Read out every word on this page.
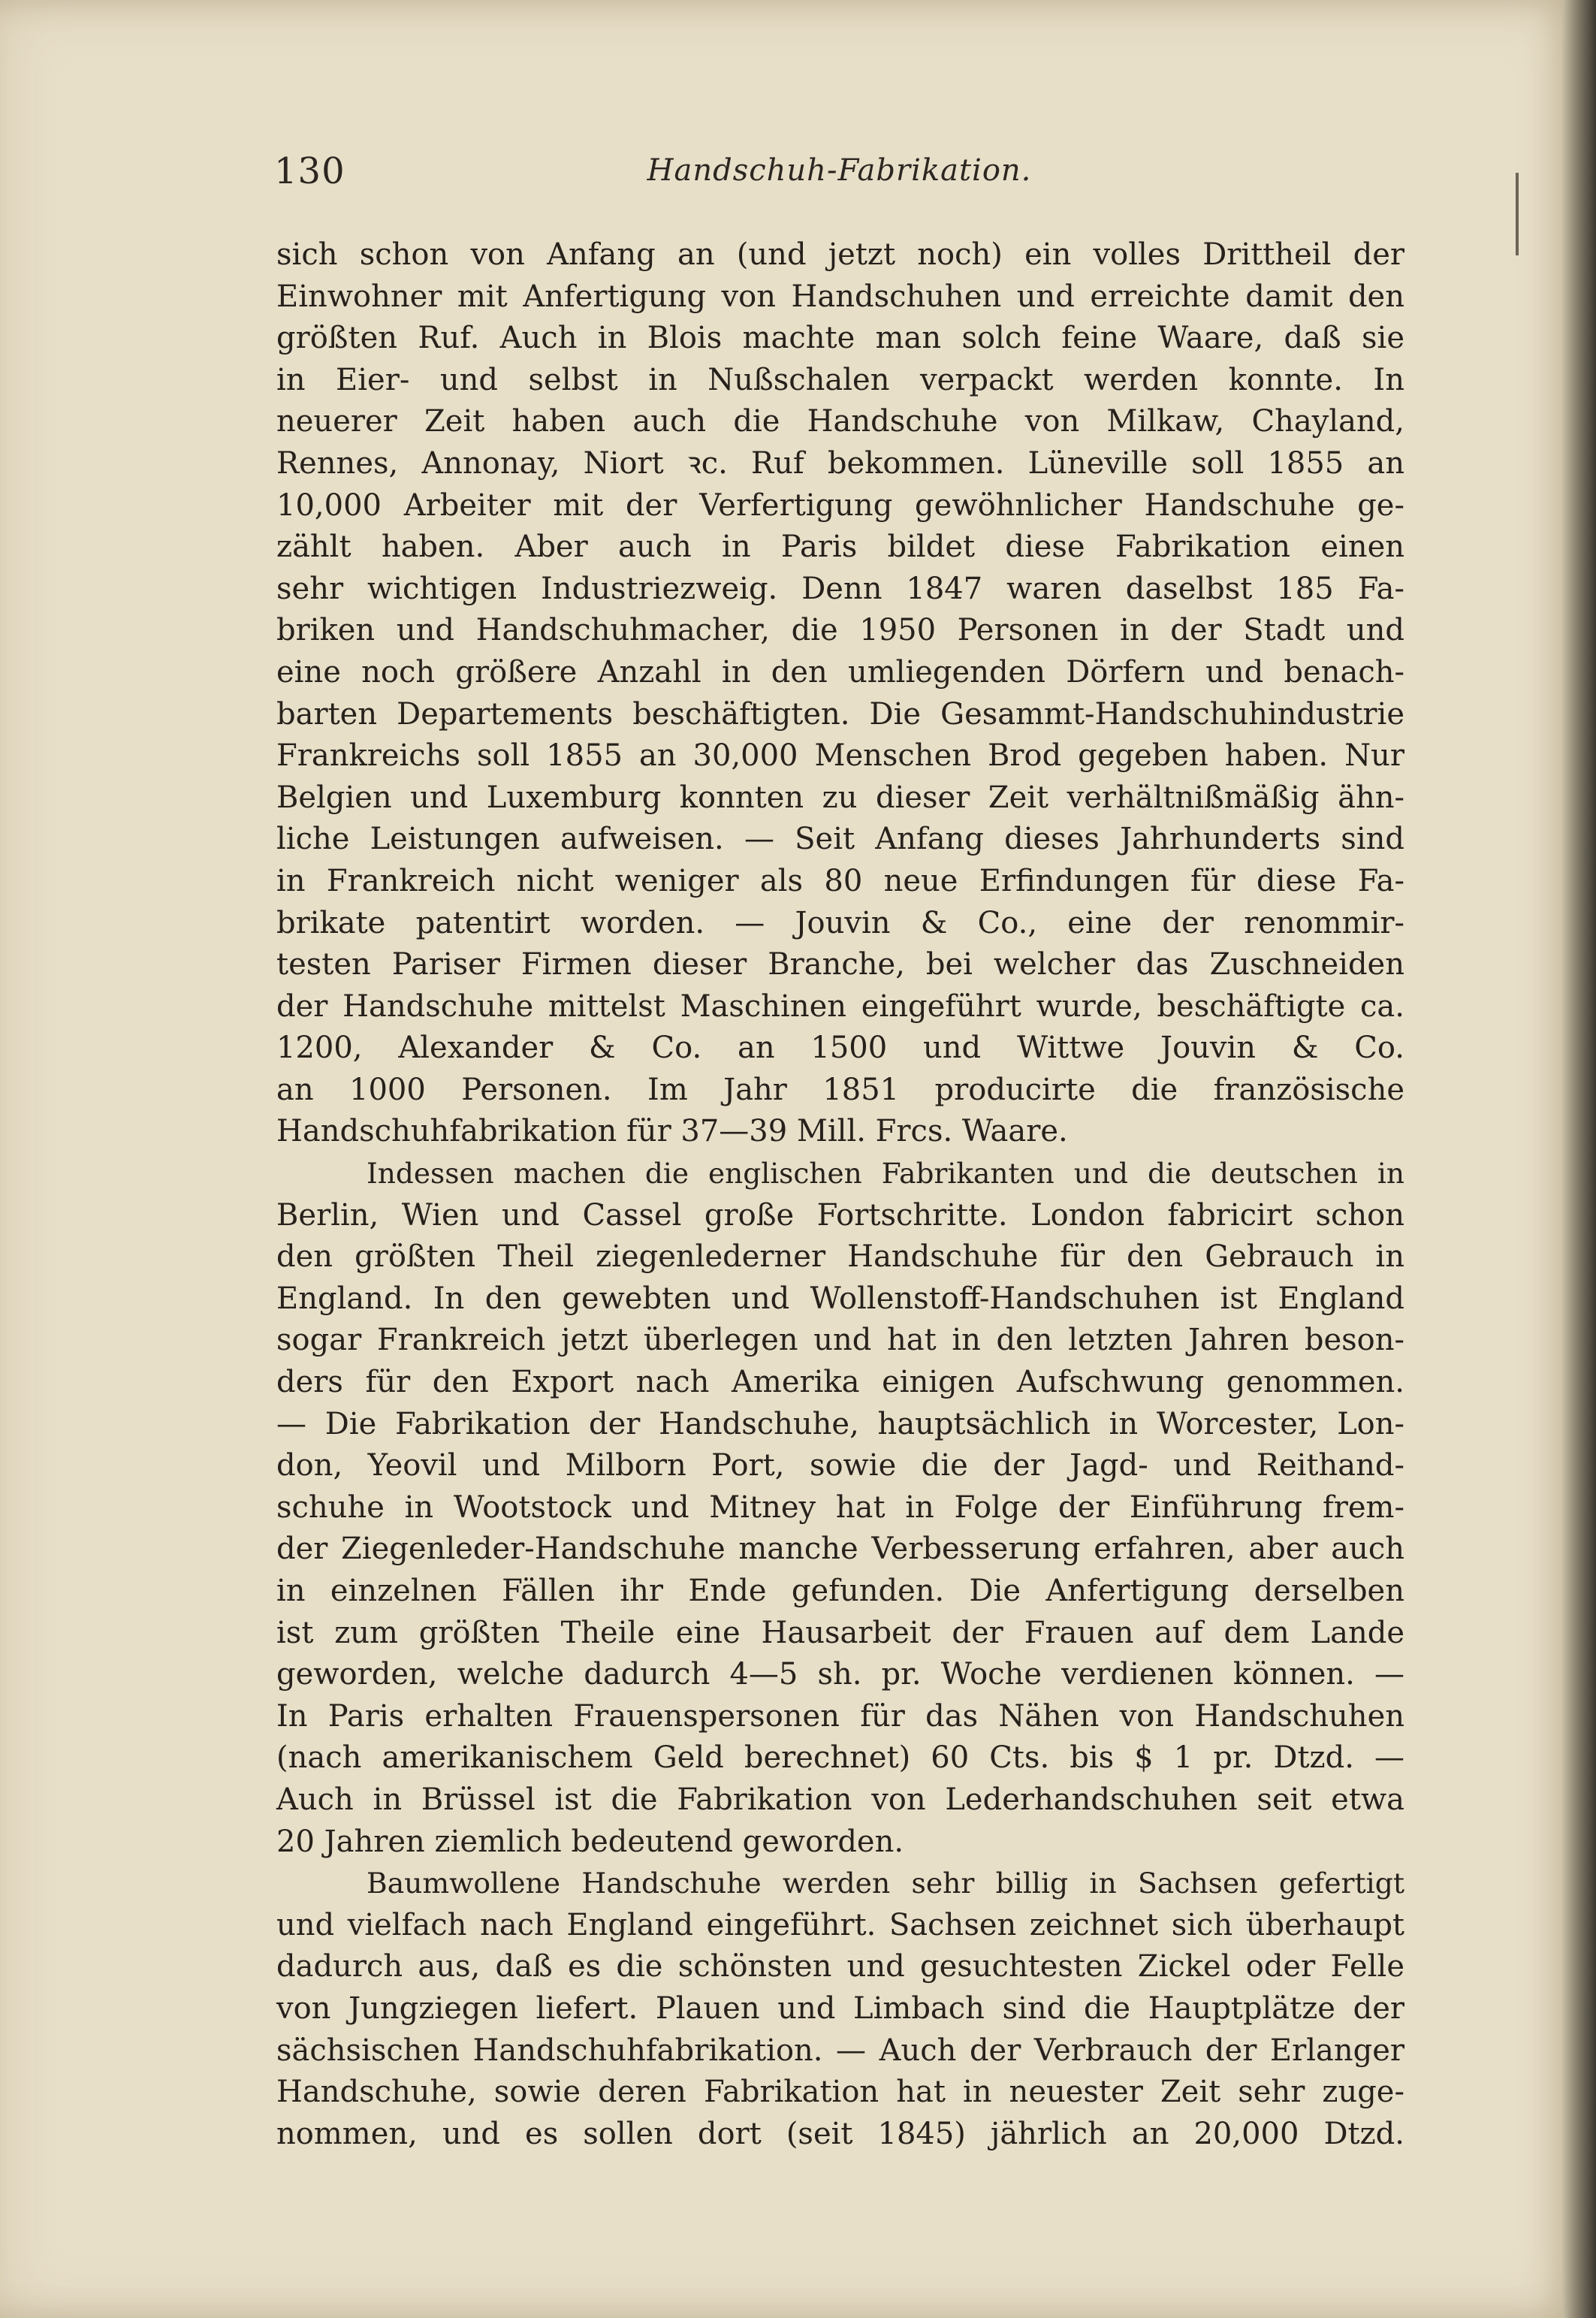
130	Handschuh-Fabrikation.
sich schon von Anfang an (und jetzt noch) ein volles Drittheil der
Einwohner mit Anfertigung von Handschuhen und erreichte damit den
größten Ruf. Auch in Blois machte man solch feine Waare, daß sie
in Eier- und selbst in Nußschalen verpackt werden konnte. In
neuerer Zeit haben auch die Handschuhe von Milkaw, Chayland,
Rennes, Annonay, Niort ꝛc. Ruf bekommen. Lüneville soll 1855 an
10,000 Arbeiter mit der Verfertigung gewöhnlicher Handschuhe ge-
zählt haben. Aber auch in Paris bildet diese Fabrikation einen
sehr wichtigen Industriezweig. Denn 1847 waren daselbst 185 Fa-
briken und Handschuhmacher, die 1950 Personen in der Stadt und
eine noch größere Anzahl in den umliegenden Dörfern und benach-
barten Departements beschäftigten. Die Gesammt-Handschuhindustrie
Frankreichs soll 1855 an 30,000 Menschen Brod gegeben haben. Nur
Belgien und Luxemburg konnten zu dieser Zeit verhältnißmäßig ähn-
liche Leistungen aufweisen. — Seit Anfang dieses Jahrhunderts sind
in Frankreich nicht weniger als 80 neue Erfindungen für diese Fa-
brikate patentirt worden. — Jouvin & Co., eine der renommir-
testen Pariser Firmen dieser Branche, bei welcher das Zuschneiden
der Handschuhe mittelst Maschinen eingeführt wurde, beschäftigte ca.
1200, Alexander & Co. an 1500 und Wittwe Jouvin & Co.
an 1000 Personen. Im Jahr 1851 producirte die französische
Handschuhfabrikation für 37—39 Mill. Frcs. Waare.
Indessen machen die englischen Fabrikanten und die deutschen in
Berlin, Wien und Cassel große Fortschritte. London fabricirt schon
den größten Theil ziegenlederner Handschuhe für den Gebrauch in
England. In den gewebten und Wollenstoff-Handschuhen ist England
sogar Frankreich jetzt überlegen und hat in den letzten Jahren beson-
ders für den Export nach Amerika einigen Aufschwung genommen.
— Die Fabrikation der Handschuhe, hauptsächlich in Worcester, Lon-
don, Yeovil und Milborn Port, sowie die der Jagd- und Reithand-
schuhe in Wootstock und Mitney hat in Folge der Einführung frem-
der Ziegenleder-Handschuhe manche Verbesserung erfahren, aber auch
in einzelnen Fällen ihr Ende gefunden. Die Anfertigung derselben
ist zum größten Theile eine Hausarbeit der Frauen auf dem Lande
geworden, welche dadurch 4—5 sh. pr. Woche verdienen können. —
In Paris erhalten Frauenspersonen für das Nähen von Handschuhen
(nach amerikanischem Geld berechnet) 60 Cts. bis $ 1 pr. Dtzd. —
Auch in Brüssel ist die Fabrikation von Lederhandschuhen seit etwa
20 Jahren ziemlich bedeutend geworden.
Baumwollene Handschuhe werden sehr billig in Sachsen gefertigt
und vielfach nach England eingeführt. Sachsen zeichnet sich überhaupt
dadurch aus, daß es die schönsten und gesuchtesten Zickel oder Felle
von Jungziegen liefert. Plauen und Limbach sind die Hauptplätze der
sächsischen Handschuhfabrikation. — Auch der Verbrauch der Erlanger
Handschuhe, sowie deren Fabrikation hat in neuester Zeit sehr zuge-
nommen, und es sollen dort (seit 1845) jährlich an 20,000 Dtzd.
